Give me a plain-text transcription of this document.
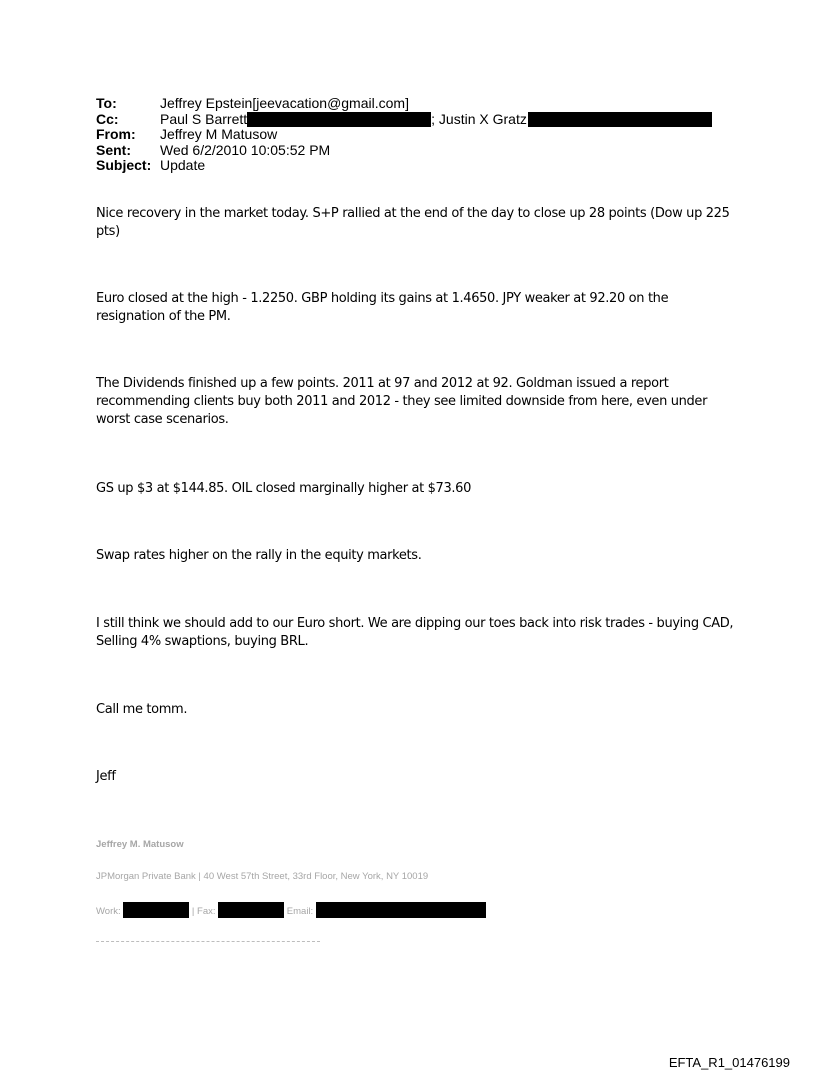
To:	Jeffrey Epstein[jeevacation@gmail.com]
Cc:	Paul S Barrett	; Justin X Gratz
From: Jeffrey M Matusow
Sent: Wed 6/2/2010 10:05:52 PM
Subject: Update
Nice recovery in the market today. S+P rallied at the end of the day to close up 28 points (Dow up 225 pts)
Euro closed at the high - 1.2250. GBP holding its gains at 1.4650. JPY weaker at 92.20 on the resignation of the PM.
The Dividends finished up a few points. 2011 at 97 and 2012 at 92. Goldman issued a report recommending clients buy both 2011 and 2012 - they see limited downside from here, even under worst case scenarios.
GS up $3 at $144.85. OIL closed marginally higher at $73.60
Swap rates higher on the rally in the equity markets.
I still think we should add to our Euro short. We are dipping our toes back into risk trades - buying CAD, Selling 4% swaptions, buying BRL.
Call me tomm.
Jeff
Jeffrey M. Matusow
JPMorgan Private Bank | 40 West 57th Street, 33rd Floor, New York, NY 10019
Work:	| Fax:	Email:
EFTA_R1_01476199
